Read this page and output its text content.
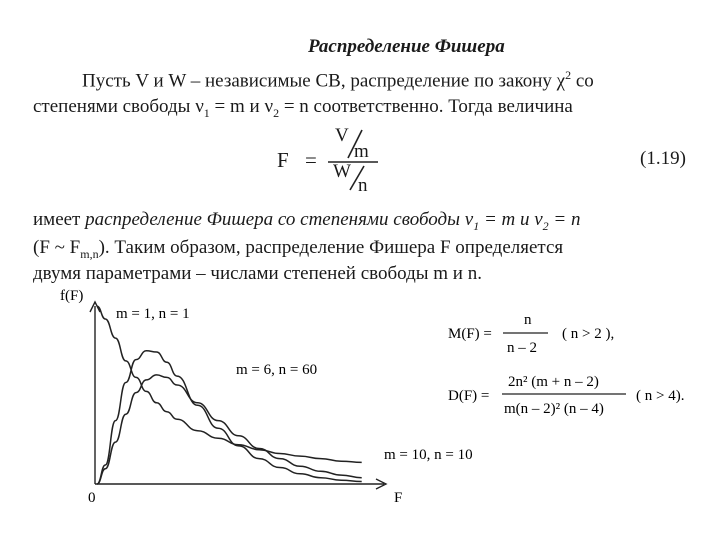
Распределение Фишера
Пусть V и W – независимые СВ, распределение по закону $\chi^2$ со
степенями свободы $\nu_1 = m$ и $\nu_2 = n$ соответственно. Тогда величина
F =
V
m
W
n
(1.19)
имеет распределение Фишера со степенями свободы $\nu_1 = m$ и $\nu_2 = n$
(F ~ $F_{m,n}$). Таким образом, распределение Фишера F определяется
двумя параметрами – числами степеней свободы m и n.
f(F)
F
0
m = 1, n = 1
m = 6, n = 60
m = 10, n = 10
M(F) =
n
n – 2
( n > 2 ),
D(F) =
2n² (m + n – 2)
m(n – 2)² (n – 4)
( n > 4).
